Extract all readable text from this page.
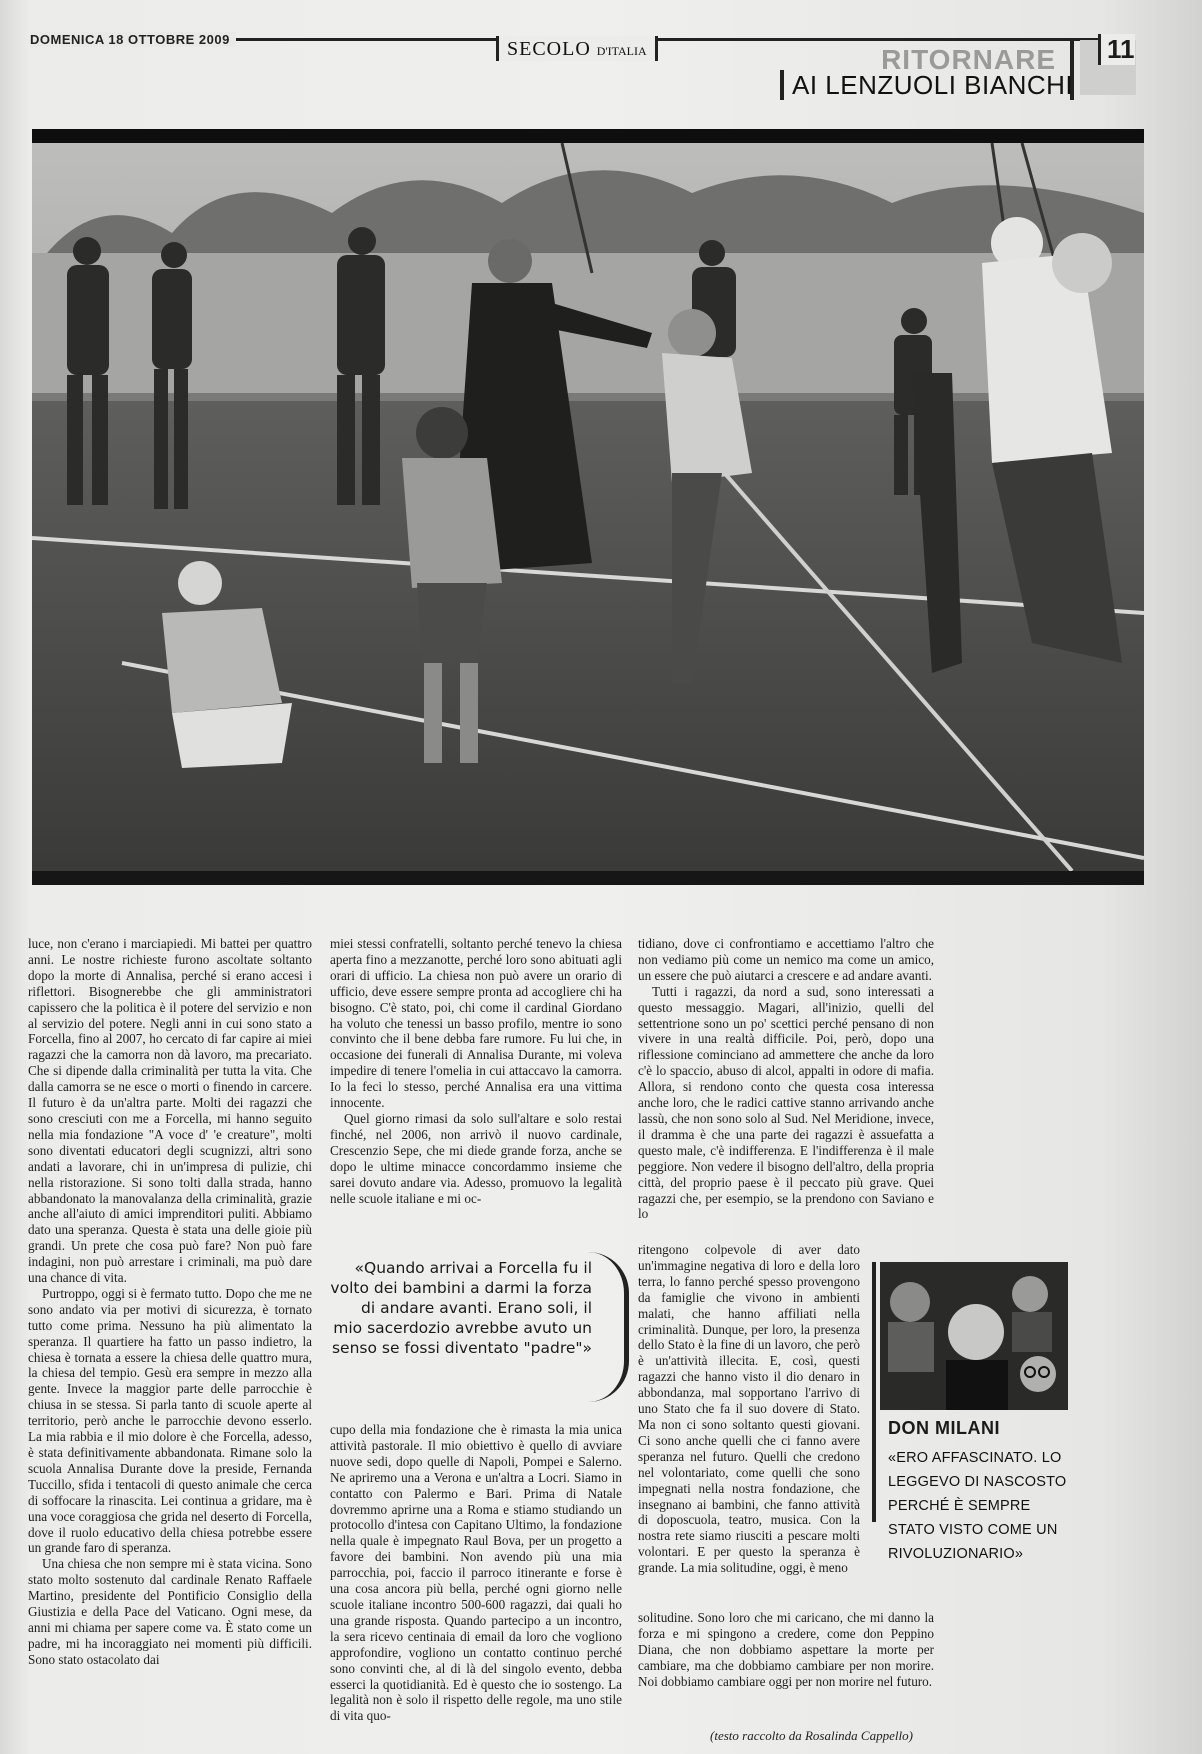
DOMENICA 18 OTTOBRE 2009	SECOLO D'ITALIA	RITORNARE
AI LENZUOLI BIANCHI
11

luce, non c'erano i marciapiedi. Mi battei per quattro anni. Le nostre richieste furono ascoltate soltanto dopo la morte di Annalisa, perché si erano accesi i riflettori. Bisognerebbe che gli amministratori capissero che la politica è il potere del servizio e non al servizio del potere. Negli anni in cui sono stato a Forcella, fino al 2007, ho cercato di far capire ai miei ragazzi che la camorra non dà lavoro, ma precariato. Che si dipende dalla criminalità per tutta la vita. Che dalla camorra se ne esce o morti o finendo in carcere. Il futuro è da un'altra parte. Molti dei ragazzi che sono cresciuti con me a Forcella, mi hanno seguito nella mia fondazione "A voce d' 'e creature", molti sono diventati educatori degli scugnizzi, altri sono andati a lavorare, chi in un'impresa di pulizie, chi nella ristorazione. Si sono tolti dalla strada, hanno abbandonato la manovalanza della criminalità, grazie anche all'aiuto di amici imprenditori puliti. Abbiamo dato una speranza. Questa è stata una delle gioie più grandi. Un prete che cosa può fare? Non può fare indagini, non può arrestare i criminali, ma può dare una chance di vita.

Purtroppo, oggi si è fermato tutto. Dopo che me ne sono andato via per motivi di sicurezza, è tornato tutto come prima. Nessuno ha più alimentato la speranza. Il quartiere ha fatto un passo indietro, la chiesa è tornata a essere la chiesa delle quattro mura, la chiesa del tempio. Gesù era sempre in mezzo alla gente. Invece la maggior parte delle parrocchie è chiusa in se stessa. Si parla tanto di scuole aperte al territorio, però anche le parrocchie devono esserlo. La mia rabbia e il mio dolore è che Forcella, adesso, è stata definitivamente abbandonata. Rimane solo la scuola Annalisa Durante dove la preside, Fernanda Tuccillo, sfida i tentacoli di questo animale che cerca di soffocare la rinascita. Lei continua a gridare, ma è una voce coraggiosa che grida nel deserto di Forcella, dove il ruolo educativo della chiesa potrebbe essere un grande faro di speranza.

Una chiesa che non sempre mi è stata vicina. Sono stato molto sostenuto dal cardinale Renato Raffaele Martino, presidente del Pontificio Consiglio della Giustizia e della Pace del Vaticano. Ogni mese, da anni mi chiama per sapere come va. È stato come un padre, mi ha incoraggiato nei momenti più difficili. Sono stato ostacolato dai

miei stessi confratelli, soltanto perché tenevo la chiesa aperta fino a mezzanotte, perché loro sono abituati agli orari di ufficio. La chiesa non può avere un orario di ufficio, deve essere sempre pronta ad accogliere chi ha bisogno. C'è stato, poi, chi come il cardinal Giordano ha voluto che tenessi un basso profilo, mentre io sono convinto che il bene debba fare rumore. Fu lui che, in occasione dei funerali di Annalisa Durante, mi voleva impedire di tenere l'omelia in cui attaccavo la camorra. Io la feci lo stesso, perché Annalisa era una vittima innocente.

Quel giorno rimasi da solo sull'altare e solo restai finché, nel 2006, non arrivò il nuovo cardinale, Crescenzio Sepe, che mi diede grande forza, anche se dopo le ultime minacce concordammo insieme che sarei dovuto andare via. Adesso, promuovo la legalità nelle scuole italiane e mi oc-

«Quando arrivai a Forcella fu il volto dei bambini a darmi la forza di andare avanti. Erano soli, il mio sacerdozio avrebbe avuto un senso se fossi diventato "padre"»

cupo della mia fondazione che è rimasta la mia unica attività pastorale. Il mio obiettivo è quello di avviare nuove sedi, dopo quelle di Napoli, Pompei e Salerno. Ne apriremo una a Verona e un'altra a Locri. Siamo in contatto con Palermo e Bari. Prima di Natale dovremmo aprirne una a Roma e stiamo studiando un protocollo d'intesa con Capitano Ultimo, la fondazione nella quale è impegnato Raul Bova, per un progetto a favore dei bambini. Non avendo più una mia parrocchia, poi, faccio il parroco itinerante e forse è una cosa ancora più bella, perché ogni giorno nelle scuole italiane incontro 500-600 ragazzi, dai quali ho una grande risposta. Quando partecipo a un incontro, la sera ricevo centinaia di email da loro che vogliono approfondire, vogliono un contatto continuo perché sono convinti che, al di là del singolo evento, debba esserci la quotidianità. Ed è questo che io sostengo. La legalità non è solo il rispetto delle regole, ma uno stile di vita quo-

tidiano, dove ci confrontiamo e accettiamo l'altro che non vediamo più come un nemico ma come un amico, un essere che può aiutarci a crescere e ad andare avanti.

Tutti i ragazzi, da nord a sud, sono interessati a questo messaggio. Magari, all'inizio, quelli del settentrione sono un po' scettici perché pensano di non vivere in una realtà difficile. Poi, però, dopo una riflessione cominciano ad ammettere che anche da loro c'è lo spaccio, abuso di alcol, appalti in odore di mafia. Allora, si rendono conto che questa cosa interessa anche loro, che le radici cattive stanno arrivando anche lassù, che non sono solo al Sud. Nel Meridione, invece, il dramma è che una parte dei ragazzi è assuefatta a questo male, c'è indifferenza. E l'indifferenza è il male peggiore. Non vedere il bisogno dell'altro, della propria città, del proprio paese è il peccato più grave. Quei ragazzi che, per esempio, se la prendono con Saviano e lo

ritengono colpevole di aver dato un'immagine negativa di loro e della loro terra, lo fanno perché spesso provengono da famiglie che vivono in ambienti malati, che hanno affiliati nella criminalità. Dunque, per loro, la presenza dello Stato è la fine di un lavoro, che però è un'attività illecita. E, così, questi ragazzi che hanno visto il dio denaro in abbondanza, mal sopportano l'arrivo di uno Stato che fa il suo dovere di Stato. Ma non ci sono soltanto questi giovani. Ci sono anche quelli che ci fanno avere speranza nel futuro. Quelli che credono nel volontariato, come quelli che sono impegnati nella nostra fondazione, che insegnano ai bambini, che fanno attività di doposcuola, teatro, musica. Con la nostra rete siamo riusciti a pescare molti volontari. E per questo la speranza è grande. La mia solitudine, oggi, è meno

solitudine. Sono loro che mi caricano, che mi danno la forza e mi spingono a credere, come don Peppino Diana, che non dobbiamo aspettare la morte per cambiare, ma che dobbiamo cambiare per non morire. Noi dobbiamo cambiare oggi per non morire nel futuro.

(testo raccolto da Rosalinda Cappello)
DON MILANI
«ERO AFFASCINATO. LO LEGGEVO DI NASCOSTO PERCHÉ È SEMPRE STATO VISTO COME UN RIVOLUZIONARIO»
